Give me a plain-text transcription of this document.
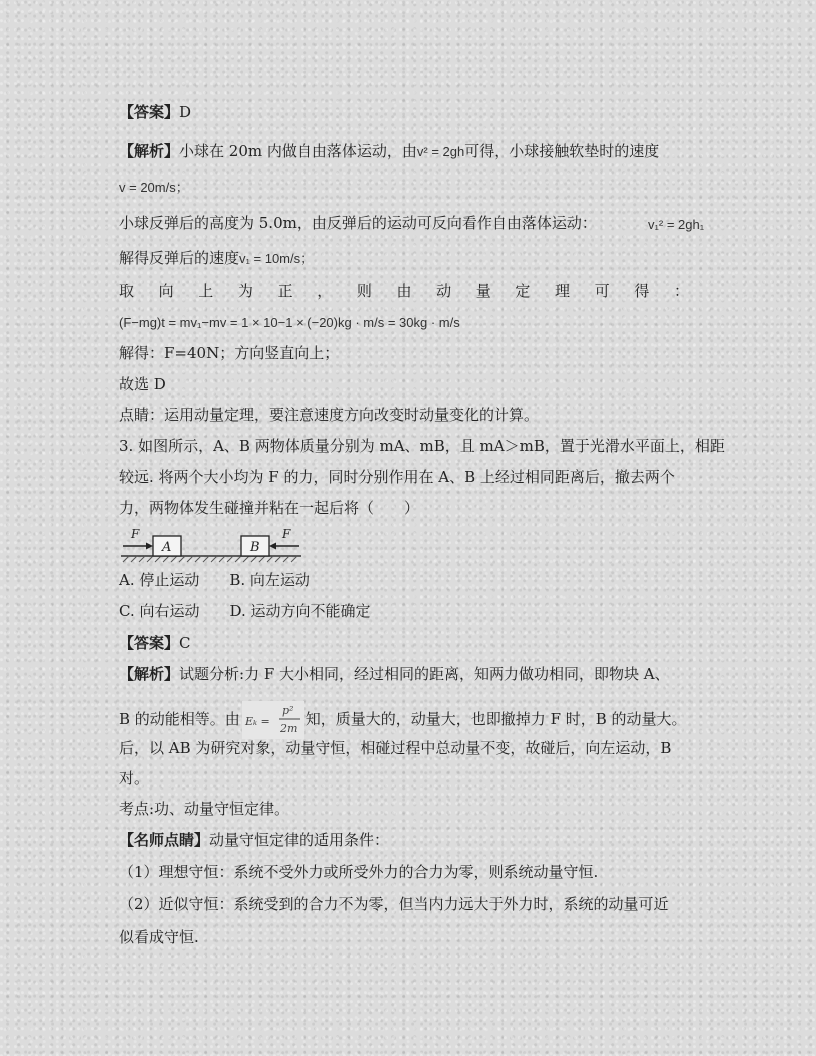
【答案】D
【解析】小球在 20m 内做自由落体运动，由v² = 2gh可得，小球接触软垫时的速度
v = 20m/s；
小球反弹后的高度为 5.0m，由反弹后的运动可反向看作自由落体运动：	v₁² = 2gh₁
解得反弹后的速度v₁ = 10m/s；
取 向 上 为 正 ， 则 由 动 量 定 理 可 得 ：
(F−mg)t = mv₁−mv = 1 × 10−1 × (−20)kg · m/s = 30kg · m/s
解得：F=40N；方向竖直向上；
故选 D
点睛：运用动量定理，要注意速度方向改变时动量变化的计算。
3. 如图所示，A、B 两物体质量分别为 mA、mB，且 mA＞mB，置于光滑水平面上，相距
较远. 将两个大小均为 F 的力，同时分别作用在 A、B 上经过相同距离后，撤去两个
力，两物体发生碰撞并粘在一起后将（　　）
F
A	B
F
A. 停止运动 B. 向左运动
C. 向右运动 D. 运动方向不能确定
【答案】C
【解析】试题分析:力 F 大小相同，经过相同的距离，知两力做功相同，即物块 A、
B 的动能相等。由 Eₖ =
p²
2m
知，质量大的，动量大，也即撤掉力 F 时，B 的动量大。
后，以 AB 为研究对象，动量守恒，相碰过程中总动量不变，故碰后，向左运动，B
对。
考点:功、动量守恒定律。
【名师点睛】动量守恒定律的适用条件：
（1）理想守恒：系统不受外力或所受外力的合力为零，则系统动量守恒.
（2）近似守恒：系统受到的合力不为零，但当内力远大于外力时，系统的动量可近
似看成守恒.
